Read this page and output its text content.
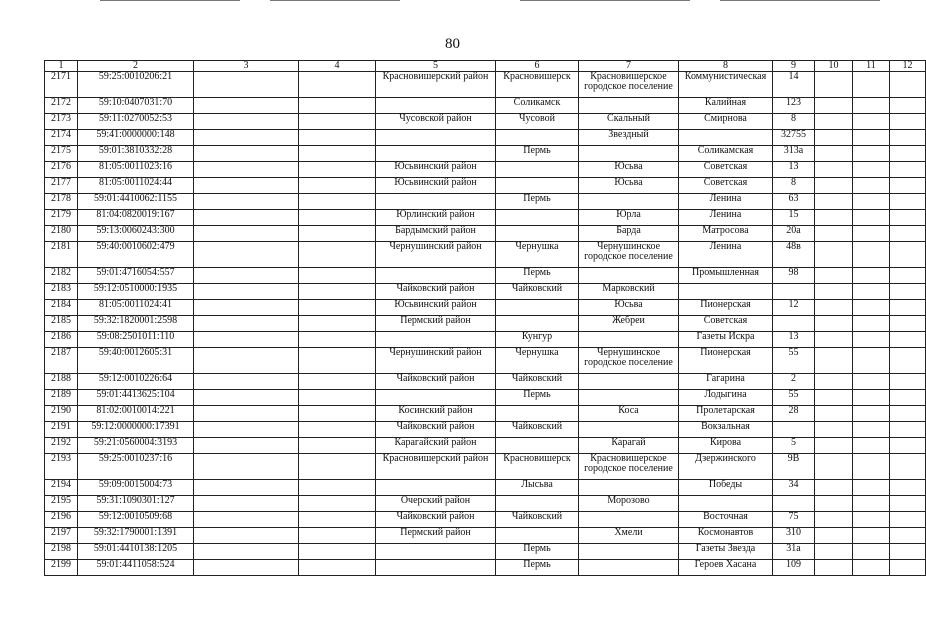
80
1	2	3	4	5	6	7	8	9	10	11	12
2171	59:25:0010206:21			Красновишерский район	Красновишерск	Красновишерское городское поселение	Коммунистическая	14			
2172	59:10:0407031:70				Соликамск		Калийная	123			
2173	59:11:0270052:53			Чусовской район	Чусовой	Скальный	Смирнова	8			
2174	59:41:0000000:148					Звездный		32755			
2175	59:01:3810332:28				Пермь		Соликамская	313а			
2176	81:05:0011023:16			Юсьвинский район		Юсьва	Советская	13			
2177	81:05:0011024:44			Юсьвинский район		Юсьва	Советская	8			
2178	59:01:4410062:1155				Пермь		Ленина	63			
2179	81:04:0820019:167			Юрлинский район		Юрла	Ленина	15			
2180	59:13:0060243:300			Бардымский район		Барда	Матросова	20а			
2181	59:40:0010602:479			Чернушинский район	Чернушка	Чернушинское городское поселение	Ленина	48в			
2182	59:01:4716054:557				Пермь		Промышленная	98			
2183	59:12:0510000:1935			Чайковский район	Чайковский	Марковский					
2184	81:05:0011024:41			Юсьвинский район		Юсьва	Пионерская	12			
2185	59:32:1820001:2598			Пермский район		Жебреи	Советская				
2186	59:08:2501011:110				Кунгур		Газеты Искра	13			
2187	59:40:0012605:31			Чернушинский район	Чернушка	Чернушинское городское поселение	Пионерская	55			
2188	59:12:0010226:64			Чайковский район	Чайковский		Гагарина	2			
2189	59:01:4413625:104				Пермь		Лодыгина	55			
2190	81:02:0010014:221			Косинский район		Коса	Пролетарская	28			
2191	59:12:0000000:17391			Чайковский район	Чайковский		Вокзальная				
2192	59:21:0560004:3193			Карагайский район		Карагай	Кирова	5			
2193	59:25:0010237:16			Красновишерский район	Красновишерск	Красновишерское городское поселение	Дзержинского	9В			
2194	59:09:0015004:73				Лысьва		Победы	34			
2195	59:31:1090301:127			Очерский район		Морозово					
2196	59:12:0010509:68			Чайковский район	Чайковский		Восточная	75			
2197	59:32:1790001:1391			Пермский район		Хмели	Космонавтов	310			
2198	59:01:4410138:1205				Пермь		Газеты Звезда	31а			
2199	59:01:4411058:524				Пермь		Героев Хасана	109			
